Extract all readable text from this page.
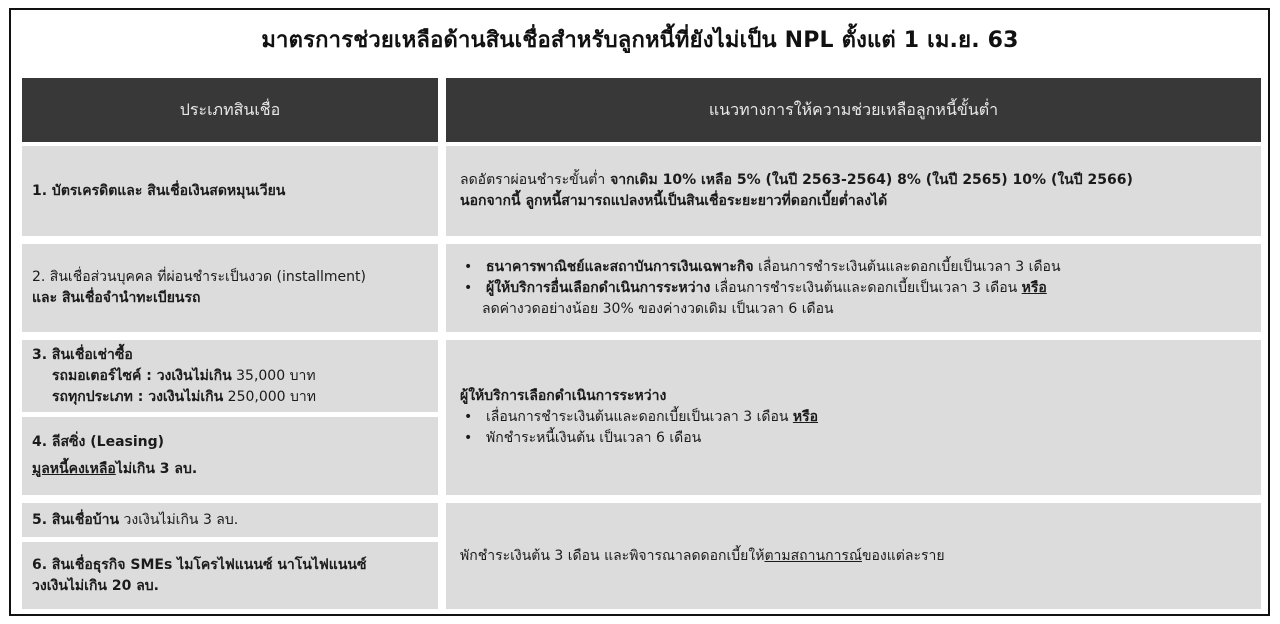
มาตรการช่วยเหลือด้านสินเชื่อสำหรับลูกหนี้ที่ยังไม่เป็น NPL ตั้งแต่ 1 เม.ย. 63
ประเภทสินเชื่อ	แนวทางการให้ความช่วยเหลือลูกหนี้ขั้นต่ำ
1. บัตรเครดิตและ สินเชื่อเงินสดหมุนเวียน
ลดอัตราผ่อนชำระขั้นต่ำ จากเดิม 10% เหลือ 5% (ในปี 2563-2564) 8% (ในปี 2565) 10% (ในปี 2566)
นอกจากนี้ ลูกหนี้สามารถแปลงหนี้เป็นสินเชื่อระยะยาวที่ดอกเบี้ยต่ำลงได้
2. สินเชื่อส่วนบุคคล ที่ผ่อนชำระเป็นงวด (installment)
และ สินเชื่อจำนำทะเบียนรถ
• ธนาคารพาณิชย์และสถาบันการเงินเฉพาะกิจ เลื่อนการชำระเงินต้นและดอกเบี้ยเป็นเวลา 3 เดือน
• ผู้ให้บริการอื่นเลือกดำเนินการระหว่าง เลื่อนการชำระเงินต้นและดอกเบี้ยเป็นเวลา 3 เดือน หรือ
ลดค่างวดอย่างน้อย 30% ของค่างวดเดิม เป็นเวลา 6 เดือน
3. สินเชื่อเช่าซื้อ
รถมอเตอร์ไซค์ : วงเงินไม่เกิน 35,000 บาท
รถทุกประเภท : วงเงินไม่เกิน 250,000 บาท
4. ลีสซิ่ง (Leasing)
มูลหนี้คงเหลือไม่เกิน 3 ลบ.
ผู้ให้บริการเลือกดำเนินการระหว่าง
• เลื่อนการชำระเงินต้นและดอกเบี้ยเป็นเวลา 3 เดือน หรือ
• พักชำระหนี้เงินต้น เป็นเวลา 6 เดือน
5. สินเชื่อบ้าน วงเงินไม่เกิน 3 ลบ.
6. สินเชื่อธุรกิจ SMEs ไมโครไฟแนนซ์ นาโนไฟแนนซ์
วงเงินไม่เกิน 20 ลบ.
พักชำระเงินต้น 3 เดือน และพิจารณาลดดอกเบี้ยให้ตามสถานการณ์ของแต่ละราย
